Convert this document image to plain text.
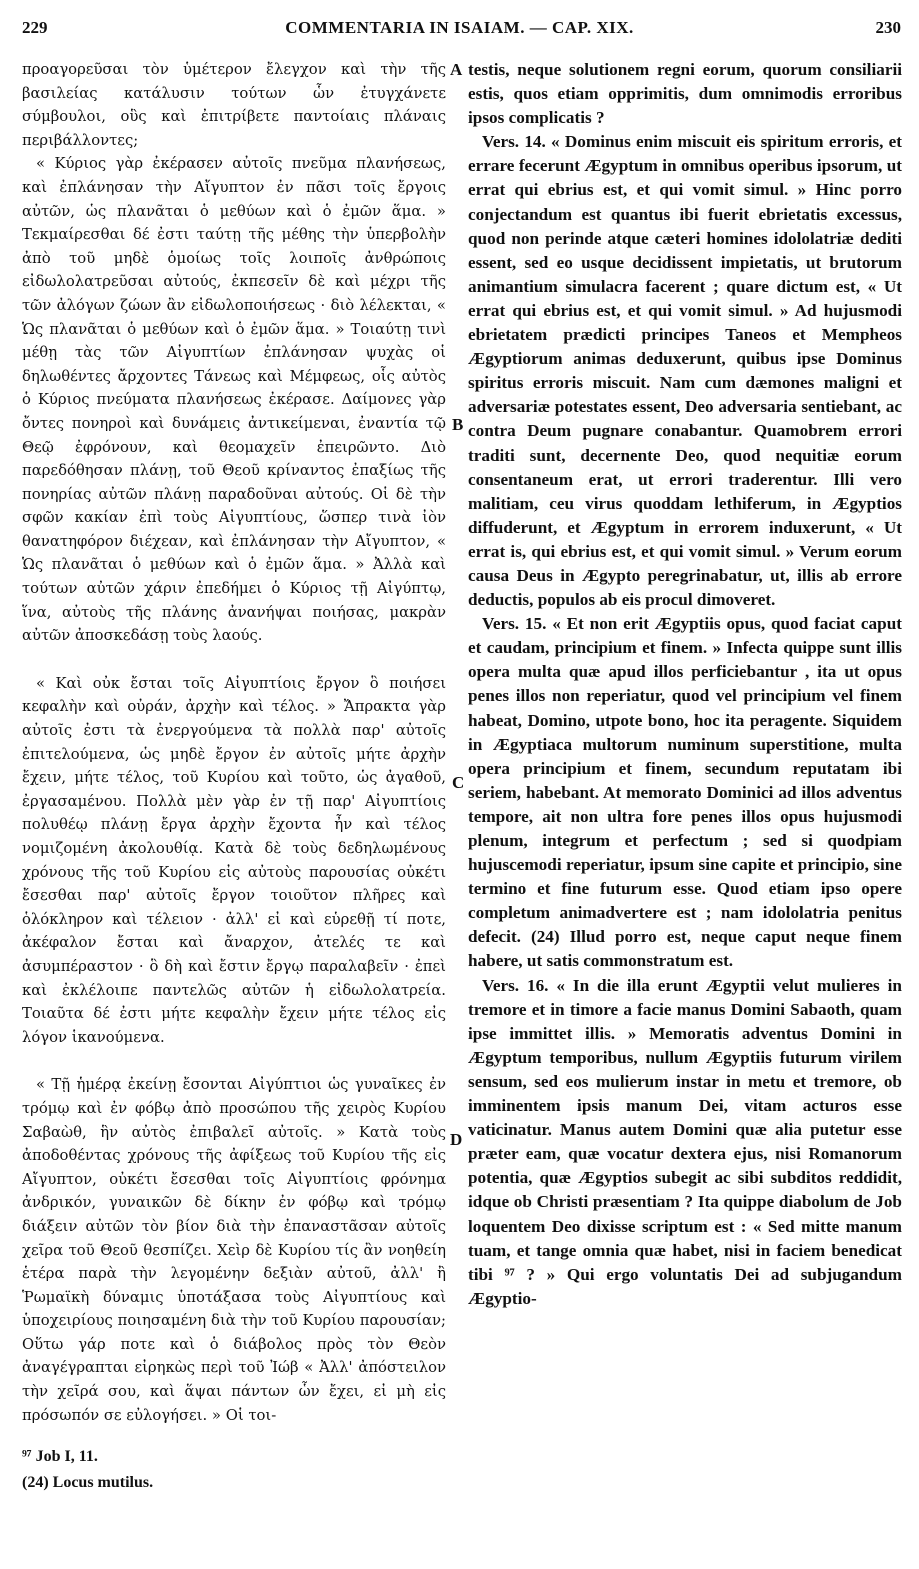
229	COMMENTARIA IN ISAIAM. — CAP. XIX.	230

προαγορεῦσαι τὸν ὑμέτερον ἔλεγχον καὶ τὴν τῆς βασιλείας κατάλυσιν τούτων ὧν ἐτυγχάνετε σύμβουλοι, οὓς καὶ ἐπιτρίβετε παντοίαις πλάναις περιβάλλοντες;

« Κύριος γὰρ ἐκέρασεν αὐτοῖς πνεῦμα πλανήσεως, καὶ ἐπλάνησαν τὴν Αἴγυπτον ἐν πᾶσι τοῖς ἔργοις αὐτῶν, ὡς πλανᾶται ὁ μεθύων καὶ ὁ ἐμῶν ἅμα. » Τεκμαίρεσθαι δέ ἐστι ταύτῃ τῆς μέθης τὴν ὑπερβολὴν ἀπὸ τοῦ μηδὲ ὁμοίως τοῖς λοιποῖς ἀνθρώποις εἰδωλολατρεῦσαι αὐτούς, ἐκπεσεῖν δὲ καὶ μέχρι τῆς τῶν ἀλόγων ζώων ἂν εἰδωλοποιήσεως · διὸ λέλεκται, « Ὡς πλανᾶται ὁ μεθύων καὶ ὁ ἐμῶν ἅμα. » Τοιαύτῃ τινὶ μέθῃ τὰς τῶν Αἰγυπτίων ἐπλάνησαν ψυχὰς οἱ δηλωθέντες ἄρχοντες Τάνεως καὶ Μέμφεως, οἷς αὐτὸς ὁ Κύριος πνεύματα πλανήσεως ἐκέρασε. Δαίμονες γὰρ ὄντες πονηροὶ καὶ δυνάμεις ἀντικείμεναι, ἐναντία τῷ Θεῷ ἐφρόνουν, καὶ θεομαχεῖν ἐπειρῶντο. Διὸ παρεδόθησαν πλάνῃ, τοῦ Θεοῦ κρίναντος ἐπαξίως τῆς πονηρίας αὐτῶν πλάνῃ παραδοῦναι αὐτούς. Οἱ δὲ τὴν σφῶν κακίαν ἐπὶ τοὺς Αἰγυπτίους, ὥσπερ τινὰ ἰὸν θανατηφόρον διέχεαν, καὶ ἐπλάνησαν τὴν Αἴγυπτον, « Ὡς πλανᾶται ὁ μεθύων καὶ ὁ ἐμῶν ἅμα. » Ἀλλὰ καὶ τούτων αὐτῶν χάριν ἐπεδήμει ὁ Κύριος τῇ Αἰγύπτῳ, ἵνα, αὐτοὺς τῆς πλάνης ἀνανήψαι ποιήσας, μακρὰν αὐτῶν ἀποσκεδάσῃ τοὺς λαούς.

« Καὶ οὐκ ἔσται τοῖς Αἰγυπτίοις ἔργον ὃ ποιήσει κεφαλὴν καὶ οὐράν, ἀρχὴν καὶ τέλος. » Ἄπρακτα γὰρ αὐτοῖς ἐστι τὰ ἐνεργούμενα τὰ πολλὰ παρ' αὐτοῖς ἐπιτελούμενα, ὡς μηδὲ ἔργον ἐν αὐτοῖς μήτε ἀρχὴν ἔχειν, μήτε τέλος, τοῦ Κυρίου καὶ τοῦτο, ὡς ἀγαθοῦ, ἐργασαμένου. Πολλὰ μὲν γὰρ ἐν τῇ παρ' Αἰγυπτίοις πολυθέῳ πλάνῃ ἔργα ἀρχὴν ἔχοντα ἦν καὶ τέλος νομιζομένη ἀκολουθίᾳ. Κατὰ δὲ τοὺς δεδηλωμένους χρόνους τῆς τοῦ Κυρίου εἰς αὐτοὺς παρουσίας οὐκέτι ἔσεσθαι παρ' αὐτοῖς ἔργον τοιοῦτον πλῆρες καὶ ὁλόκληρον καὶ τέλειον · ἀλλ' εἰ καὶ εὑρεθῇ τί ποτε, ἀκέφαλον ἔσται καὶ ἄναρχον, ἀτελές τε καὶ ἀσυμπέραστον · ὃ δὴ καὶ ἔστιν ἔργῳ παραλαβεῖν · ἐπεὶ καὶ ἐκλέλοιπε παντελῶς αὐτῶν ἡ εἰδωλολατρεία. Τοιαῦτα δέ ἐστι μήτε κεφαλὴν ἔχειν μήτε τέλος εἰς λόγον ἱκανούμενα.

« Τῇ ἡμέρᾳ ἐκείνῃ ἔσονται Αἰγύπτιοι ὡς γυναῖκες ἐν τρόμῳ καὶ ἐν φόβῳ ἀπὸ προσώπου τῆς χειρὸς Κυρίου Σαβαὼθ, ἣν αὐτὸς ἐπιβαλεῖ αὐτοῖς. » Κατὰ τοὺς ἀποδοθέντας χρόνους τῆς ἀφίξεως τοῦ Κυρίου τῆς εἰς Αἴγυπτον, οὐκέτι ἔσεσθαι τοῖς Αἰγυπτίοις φρόνημα ἀνδρικόν, γυναικῶν δὲ δίκην ἐν φόβῳ καὶ τρόμῳ διάξειν αὐτῶν τὸν βίον διὰ τὴν ἐπαναστᾶσαν αὐτοῖς χεῖρα τοῦ Θεοῦ θεσπίζει. Χεὶρ δὲ Κυρίου τίς ἂν νοηθείη ἑτέρα παρὰ τὴν λεγομένην δεξιὰν αὐτοῦ, ἀλλ' ἢ Ῥωμαϊκὴ δύναμις ὑποτάξασα τοὺς Αἰγυπτίους καὶ ὑποχειρίους ποιησαμένη διὰ τὴν τοῦ Κυρίου παρουσίαν; Οὕτω γάρ ποτε καὶ ὁ διάβολος πρὸς τὸν Θεὸν ἀναγέγραπται εἰρηκὼς περὶ τοῦ Ἰώβ « Ἀλλ' ἀπόστειλον τὴν χεῖρά σου, καὶ ἅψαι πάντων ὧν ἔχει, εἰ μὴ εἰς πρόσωπόν σε εὐλογήσει. » Οἱ τοι-

A
B
C
D

testis, neque solutionem regni eorum, quorum consiliarii estis, quos etiam opprimitis, dum omnimodis erroribus ipsos complicatis ?

Vers. 14. « Dominus enim miscuit eis spiritum erroris, et errare fecerunt Ægyptum in omnibus operibus ipsorum, ut errat qui ebrius est, et qui vomit simul. » Hinc porro conjectandum est quantus ibi fuerit ebrietatis excessus, quod non perinde atque cæteri homines idololatriæ dediti essent, sed eo usque decidissent impietatis, ut brutorum animantium simulacra facerent ; quare dictum est, « Ut errat qui ebrius est, et qui vomit simul. » Ad hujusmodi ebrietatem prædicti principes Taneos et Mempheos Ægyptiorum animas deduxerunt, quibus ipse Dominus spiritus erroris miscuit. Nam cum dæmones maligni et adversariæ potestates essent, Deo adversaria sentiebant, ac contra Deum pugnare conabantur. Quamobrem errori traditi sunt, decernente Deo, quod nequitiæ eorum consentaneum erat, ut errori traderentur. Illi vero malitiam, ceu virus quoddam lethiferum, in Ægyptios diffuderunt, et Ægyptum in errorem induxerunt, « Ut errat is, qui ebrius est, et qui vomit simul. » Verum eorum causa Deus in Ægypto peregrinabatur, ut, illis ab errore deductis, populos ab eis procul dimoveret.

Vers. 15. « Et non erit Ægyptiis opus, quod faciat caput et caudam, principium et finem. » Infecta quippe sunt illis opera multa quæ apud illos perficiebantur , ita ut opus penes illos non reperiatur, quod vel principium vel finem habeat, Domino, utpote bono, hoc ita peragente. Siquidem in Ægyptiaca multorum numinum superstitione, multa opera principium et finem, secundum reputatam ibi seriem, habebant. At memorato Dominici ad illos adventus tempore, ait non ultra fore penes illos opus hujusmodi plenum, integrum et perfectum ; sed si quodpiam hujuscemodi reperiatur, ipsum sine capite et principio, sine termino et fine futurum esse. Quod etiam ipso opere completum animadvertere est ; nam idololatria penitus defecit. (24) Illud porro est, neque caput neque finem habere, ut satis commonstratum est.

Vers. 16. « In die illa erunt Ægyptii velut mulieres in tremore et in timore a facie manus Domini Sabaoth, quam ipse immittet illis. » Memoratis adventus Domini in Ægyptum temporibus, nullum Ægyptiis futurum virilem sensum, sed eos mulierum instar in metu et tremore, ob imminentem ipsis manum Dei, vitam acturos esse vaticinatur. Manus autem Domini quæ alia putetur esse præter eam, quæ vocatur dextera ejus, nisi Romanorum potentia, quæ Ægyptios subegit ac sibi subditos reddidit, idque ob Christi præsentiam ? Ita quippe diabolum de Job loquentem Deo dixisse scriptum est : « Sed mitte manum tuam, et tange omnia quæ habet, nisi in faciem benedicat tibi ⁹⁷ ? » Qui ergo voluntatis Dei ad subjugandum Ægyptio-

⁹⁷ Job I, 11.
(24) Locus mutilus.
